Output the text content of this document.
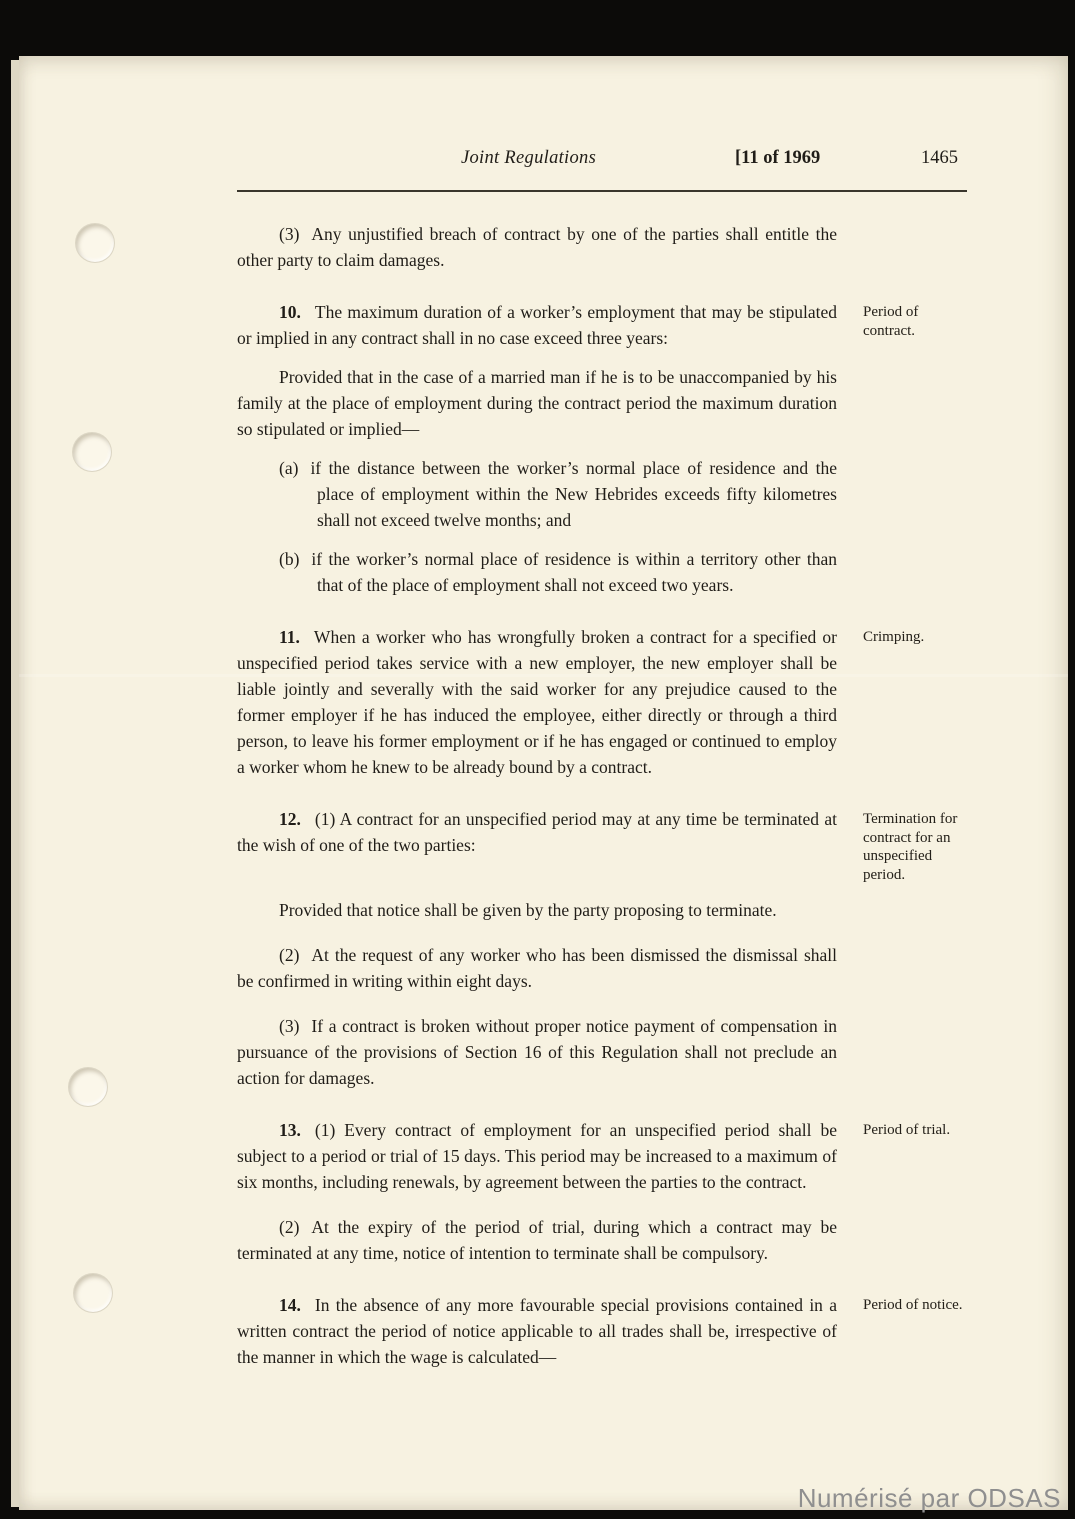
Joint Regulations	[11 of 1969	1465

(3) Any unjustified breach of contract by one of the parties shall entitle the other party to claim damages.

10. The maximum duration of a worker’s employment that may be stipulated or implied in any contract shall in no case exceed three years:

Period of contract.

Provided that in the case of a married man if he is to be unaccompanied by his family at the place of employment during the contract period the maximum duration so stipulated or implied—

(a) if the distance between the worker’s normal place of residence and the place of employment within the New Hebrides exceeds fifty kilometres shall not exceed twelve months; and

(b) if the worker’s normal place of residence is within a territory other than that of the place of employment shall not exceed two years.

11. When a worker who has wrongfully broken a contract for a specified or unspecified period takes service with a new employer, the new employer shall be liable jointly and severally with the said worker for any prejudice caused to the former employer if he has induced the employee, either directly or through a third person, to leave his former employment or if he has engaged or continued to employ a worker whom he knew to be already bound by a contract.

Crimping.

12. (1) A contract for an unspecified period may at any time be terminated at the wish of one of the two parties:

Termination for contract for an unspecified period.

Provided that notice shall be given by the party proposing to terminate.

(2) At the request of any worker who has been dismissed the dismissal shall be confirmed in writing within eight days.

(3) If a contract is broken without proper notice payment of compensation in pursuance of the provisions of Section 16 of this Regulation shall not preclude an action for damages.

13. (1) Every contract of employment for an unspecified period shall be subject to a period or trial of 15 days. This period may be increased to a maximum of six months, including renewals, by agreement between the parties to the contract.

Period of trial.

(2) At the expiry of the period of trial, during which a contract may be terminated at any time, notice of intention to terminate shall be compulsory.

14. In the absence of any more favourable special provisions contained in a written contract the period of notice applicable to all trades shall be, irrespective of the manner in which the wage is calculated—

Period of notice.
Numérisé par ODSAS
